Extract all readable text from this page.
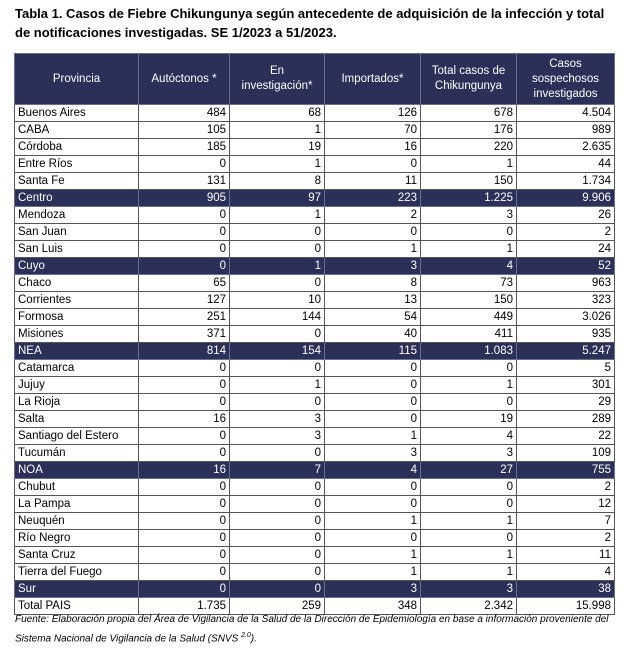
Tabla 1. Casos de Fiebre Chikungunya según antecedente de adquisición de la infección y total de notificaciones investigadas. SE 1/2023 a 51/2023.
Provincia	Autóctonos *	En investigación*	Importados*	Total casos de Chikungunya	Casos sospechosos investigados
Buenos Aires	484	68	126	678	4.504
CABA	105	1	70	176	989
Córdoba	185	19	16	220	2.635
Entre Ríos	0	1	0	1	44
Santa Fe	131	8	11	150	1.734
Centro	905	97	223	1.225	9.906
Mendoza	0	1	2	3	26
San Juan	0	0	0	0	2
San Luis	0	0	1	1	24
Cuyo	0	1	3	4	52
Chaco	65	0	8	73	963
Corrientes	127	10	13	150	323
Formosa	251	144	54	449	3.026
Misiones	371	0	40	411	935
NEA	814	154	115	1.083	5.247
Catamarca	0	0	0	0	5
Jujuy	0	1	0	1	301
La Rioja	0	0	0	0	29
Salta	16	3	0	19	289
Santiago del Estero	0	3	1	4	22
Tucumán	0	0	3	3	109
NOA	16	7	4	27	755
Chubut	0	0	0	0	2
La Pampa	0	0	0	0	12
Neuquén	0	0	1	1	7
Río Negro	0	0	0	0	2
Santa Cruz	0	0	1	1	11
Tierra del Fuego	0	0	1	1	4
Sur	0	0	3	3	38
Total PAIS	1.735	259	348	2.342	15.998
Fuente: Elaboración propia del Área de Vigilancia de la Salud de la Dirección de Epidemiología en base a información proveniente del Sistema Nacional de Vigilancia de la Salud (SNVS $^{2.0}$).
